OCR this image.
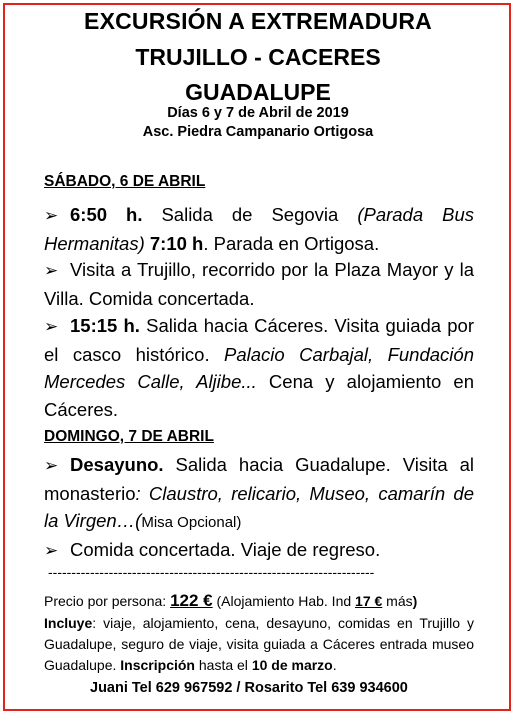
EXCURSIÓN A EXTREMADURA
TRUJILLO - CACERES
GUADALUPE
Días 6 y 7 de Abril de 2019
Asc. Piedra Campanario Ortigosa
SÁBADO, 6 DE ABRIL
➢ 6:50 h. Salida de Segovia (Parada Bus Hermanitas) 7:10 h. Parada en Ortigosa.
➢ Visita a Trujillo, recorrido por la Plaza Mayor y la Villa. Comida concertada.
➢ 15:15 h. Salida hacia Cáceres. Visita guiada por el casco histórico. Palacio Carbajal, Fundación Mercedes Calle, Aljibe... Cena y alojamiento en Cáceres.
DOMINGO, 7 DE ABRIL
➢ Desayuno. Salida hacia Guadalupe. Visita al monasterio: Claustro, relicario, Museo, camarín de la Virgen…(Misa Opcional)
➢ Comida concertada. Viaje de regreso.
----------------------------------------------------------------------
Precio por persona: 122 € (Alojamiento Hab. Ind 17 € más)
Incluye: viaje, alojamiento, cena, desayuno, comidas en Trujillo y Guadalupe, seguro de viaje, visita guiada a Cáceres entrada museo Guadalupe. Inscripción hasta el 10 de marzo.
Juani Tel 629 967592 / Rosarito Tel 639 934600
